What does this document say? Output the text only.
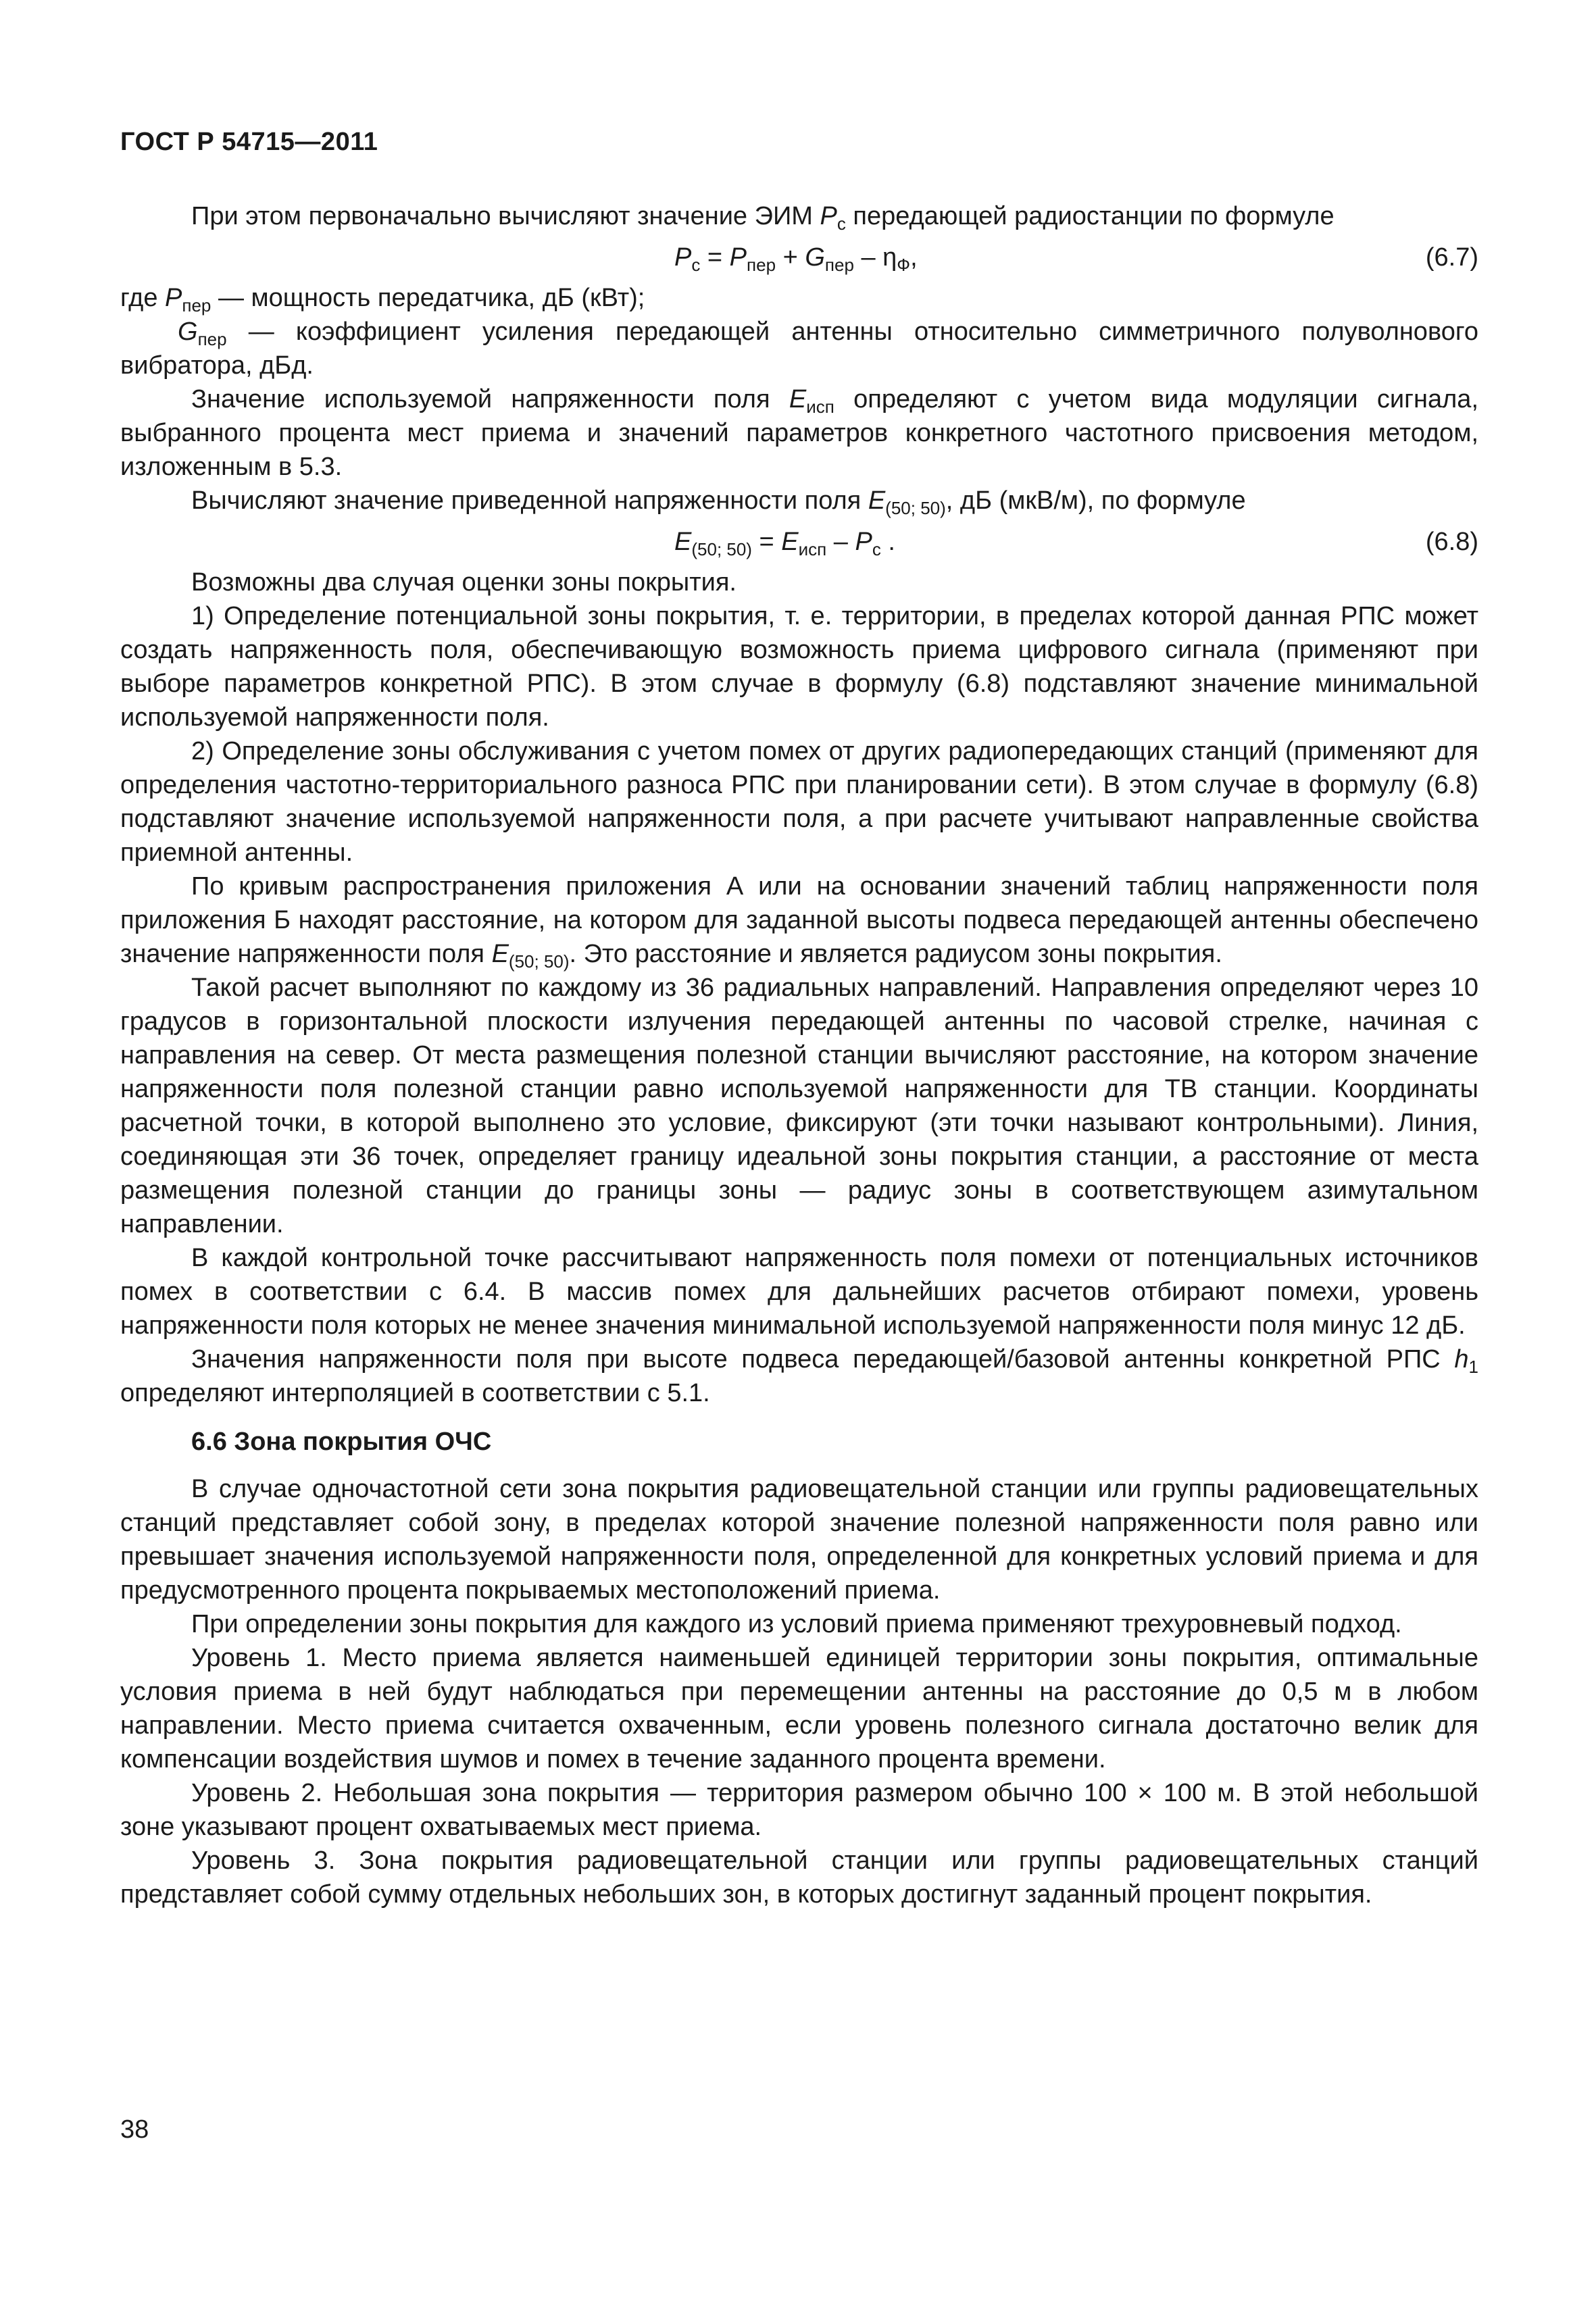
ГОСТ Р 54715—2011

При этом первоначально вычисляют значение ЭИМ $P_с$ передающей радиостанции по формуле

$P_с = P_{пер} + G_{пер} - \eta_Ф$,	(6.7)

где $P_{пер}$ — мощность передатчика, дБ (кВт);

$G_{пер}$ — коэффициент усиления передающей антенны относительно симметричного полуволнового вибратора, дБд.

Значение используемой напряженности поля $E_{исп}$ определяют с учетом вида модуляции сигнала, выбранного процента мест приема и значений параметров конкретного частотного присвоения методом, изложенным в 5.3.

Вычисляют значение приведенной напряженности поля $E_{(50; 50)}$, дБ (мкВ/м), по формуле

$E_{(50; 50)} = E_{исп} - P_с$ .	(6.8)

Возможны два случая оценки зоны покрытия.

1) Определение потенциальной зоны покрытия, т. е. территории, в пределах которой данная РПС может создать напряженность поля, обеспечивающую возможность приема цифрового сигнала (применяют при выборе параметров конкретной РПС). В этом случае в формулу (6.8) подставляют значение минимальной используемой напряженности поля.

2) Определение зоны обслуживания с учетом помех от других радиопередающих станций (применяют для определения частотно-территориального разноса РПС при планировании сети). В этом случае в формулу (6.8) подставляют значение используемой напряженности поля, а при расчете учитывают направленные свойства приемной антенны.

По кривым распространения приложения А или на основании значений таблиц напряженности поля приложения Б находят расстояние, на котором для заданной высоты подвеса передающей антенны обеспечено значение напряженности поля $E_{(50; 50)}$. Это расстояние и является радиусом зоны покрытия.

Такой расчет выполняют по каждому из 36 радиальных направлений. Направления определяют через 10 градусов в горизонтальной плоскости излучения передающей антенны по часовой стрелке, начиная с направления на север. От места размещения полезной станции вычисляют расстояние, на котором значение напряженности поля полезной станции равно используемой напряженности для ТВ станции. Координаты расчетной точки, в которой выполнено это условие, фиксируют (эти точки называют контрольными). Линия, соединяющая эти 36 точек, определяет границу идеальной зоны покрытия станции, а расстояние от места размещения полезной станции до границы зоны — радиус зоны в соответствующем азимутальном направлении.

В каждой контрольной точке рассчитывают напряженность поля помехи от потенциальных источников помех в соответствии с 6.4. В массив помех для дальнейших расчетов отбирают помехи, уровень напряженности поля которых не менее значения минимальной используемой напряженности поля минус 12 дБ.

Значения напряженности поля при высоте подвеса передающей/базовой антенны конкретной РПС $h_1$ определяют интерполяцией в соответствии с 5.1.

6.6 Зона покрытия ОЧС

В случае одночастотной сети зона покрытия радиовещательной станции или группы радиовещательных станций представляет собой зону, в пределах которой значение полезной напряженности поля равно или превышает значения используемой напряженности поля, определенной для конкретных условий приема и для предусмотренного процента покрываемых местоположений приема.

При определении зоны покрытия для каждого из условий приема применяют трехуровневый подход.

Уровень 1. Место приема является наименьшей единицей территории зоны покрытия, оптимальные условия приема в ней будут наблюдаться при перемещении антенны на расстояние до 0,5 м в любом направлении. Место приема считается охваченным, если уровень полезного сигнала достаточно велик для компенсации воздействия шумов и помех в течение заданного процента времени.

Уровень 2. Небольшая зона покрытия — территория размером обычно 100 × 100 м. В этой небольшой зоне указывают процент охватываемых мест приема.

Уровень 3. Зона покрытия радиовещательной станции или группы радиовещательных станций представляет собой сумму отдельных небольших зон, в которых достигнут заданный процент покрытия.

38
